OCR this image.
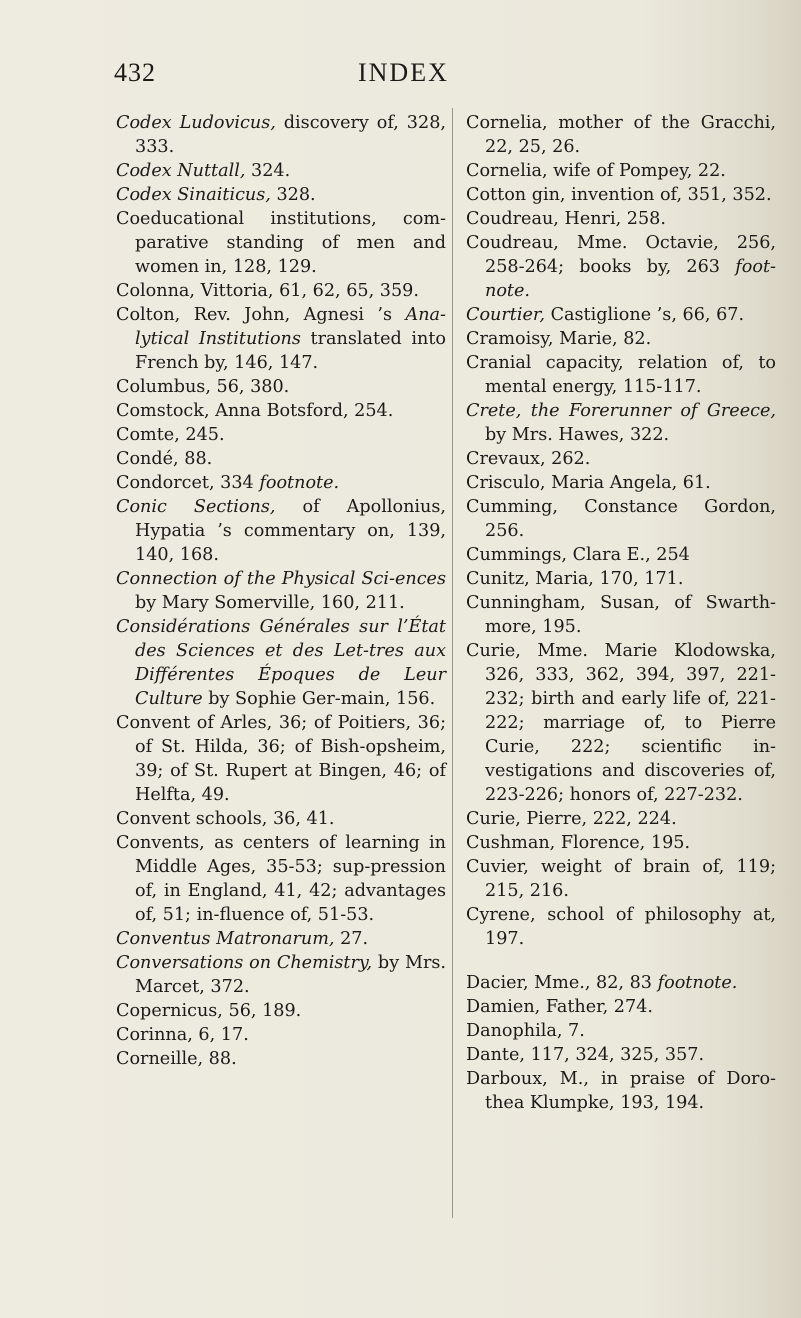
432	INDEX
Codex Ludovicus, discovery of, 328, 333.
Codex Nuttall, 324.
Codex Sinaiticus, 328.
Coeducational institutions, com-parative standing of men and women in, 128, 129.
Colonna, Vittoria, 61, 62, 65, 359.
Colton, Rev. John, Agnesi ’s Ana-lytical Institutions translated into French by, 146, 147.
Columbus, 56, 380.
Comstock, Anna Botsford, 254.
Comte, 245.
Condé, 88.
Condorcet, 334 footnote.
Conic Sections, of Apollonius, Hypatia ’s commentary on, 139, 140, 168.
Connection of the Physical Sci-ences by Mary Somerville, 160, 211.
Considérations Générales sur l’État des Sciences et des Let-tres aux Différentes Époques de Leur Culture by Sophie Ger-main, 156.
Convent of Arles, 36; of Poitiers, 36; of St. Hilda, 36; of Bish-opsheim, 39; of St. Rupert at Bingen, 46; of Helfta, 49.
Convent schools, 36, 41.
Convents, as centers of learning in Middle Ages, 35-53; sup-pression of, in England, 41, 42; advantages of, 51; in-fluence of, 51-53.
Conventus Matronarum, 27.
Conversations on Chemistry, by Mrs. Marcet, 372.
Copernicus, 56, 189.
Corinna, 6, 17.
Corneille, 88.
Cornelia, mother of the Gracchi, 22, 25, 26.
Cornelia, wife of Pompey, 22.
Cotton gin, invention of, 351, 352.
Coudreau, Henri, 258.
Coudreau, Mme. Octavie, 256, 258-264; books by, 263 foot-note.
Courtier, Castiglione ’s, 66, 67.
Cramoisy, Marie, 82.
Cranial capacity, relation of, to mental energy, 115-117.
Crete, the Forerunner of Greece, by Mrs. Hawes, 322.
Crevaux, 262.
Crisculo, Maria Angela, 61.
Cumming, Constance Gordon, 256.
Cummings, Clara E., 254
Cunitz, Maria, 170, 171.
Cunningham, Susan, of Swarth-more, 195.
Curie, Mme. Marie Klodowska, 326, 333, 362, 394, 397, 221-232; birth and early life of, 221-222; marriage of, to Pierre Curie, 222; scientific in-vestigations and discoveries of, 223-226; honors of, 227-232.
Curie, Pierre, 222, 224.
Cushman, Florence, 195.
Cuvier, weight of brain of, 119; 215, 216.
Cyrene, school of philosophy at, 197.
Dacier, Mme., 82, 83 footnote.
Damien, Father, 274.
Danophila, 7.
Dante, 117, 324, 325, 357.
Darboux, M., in praise of Doro-thea Klumpke, 193, 194.
